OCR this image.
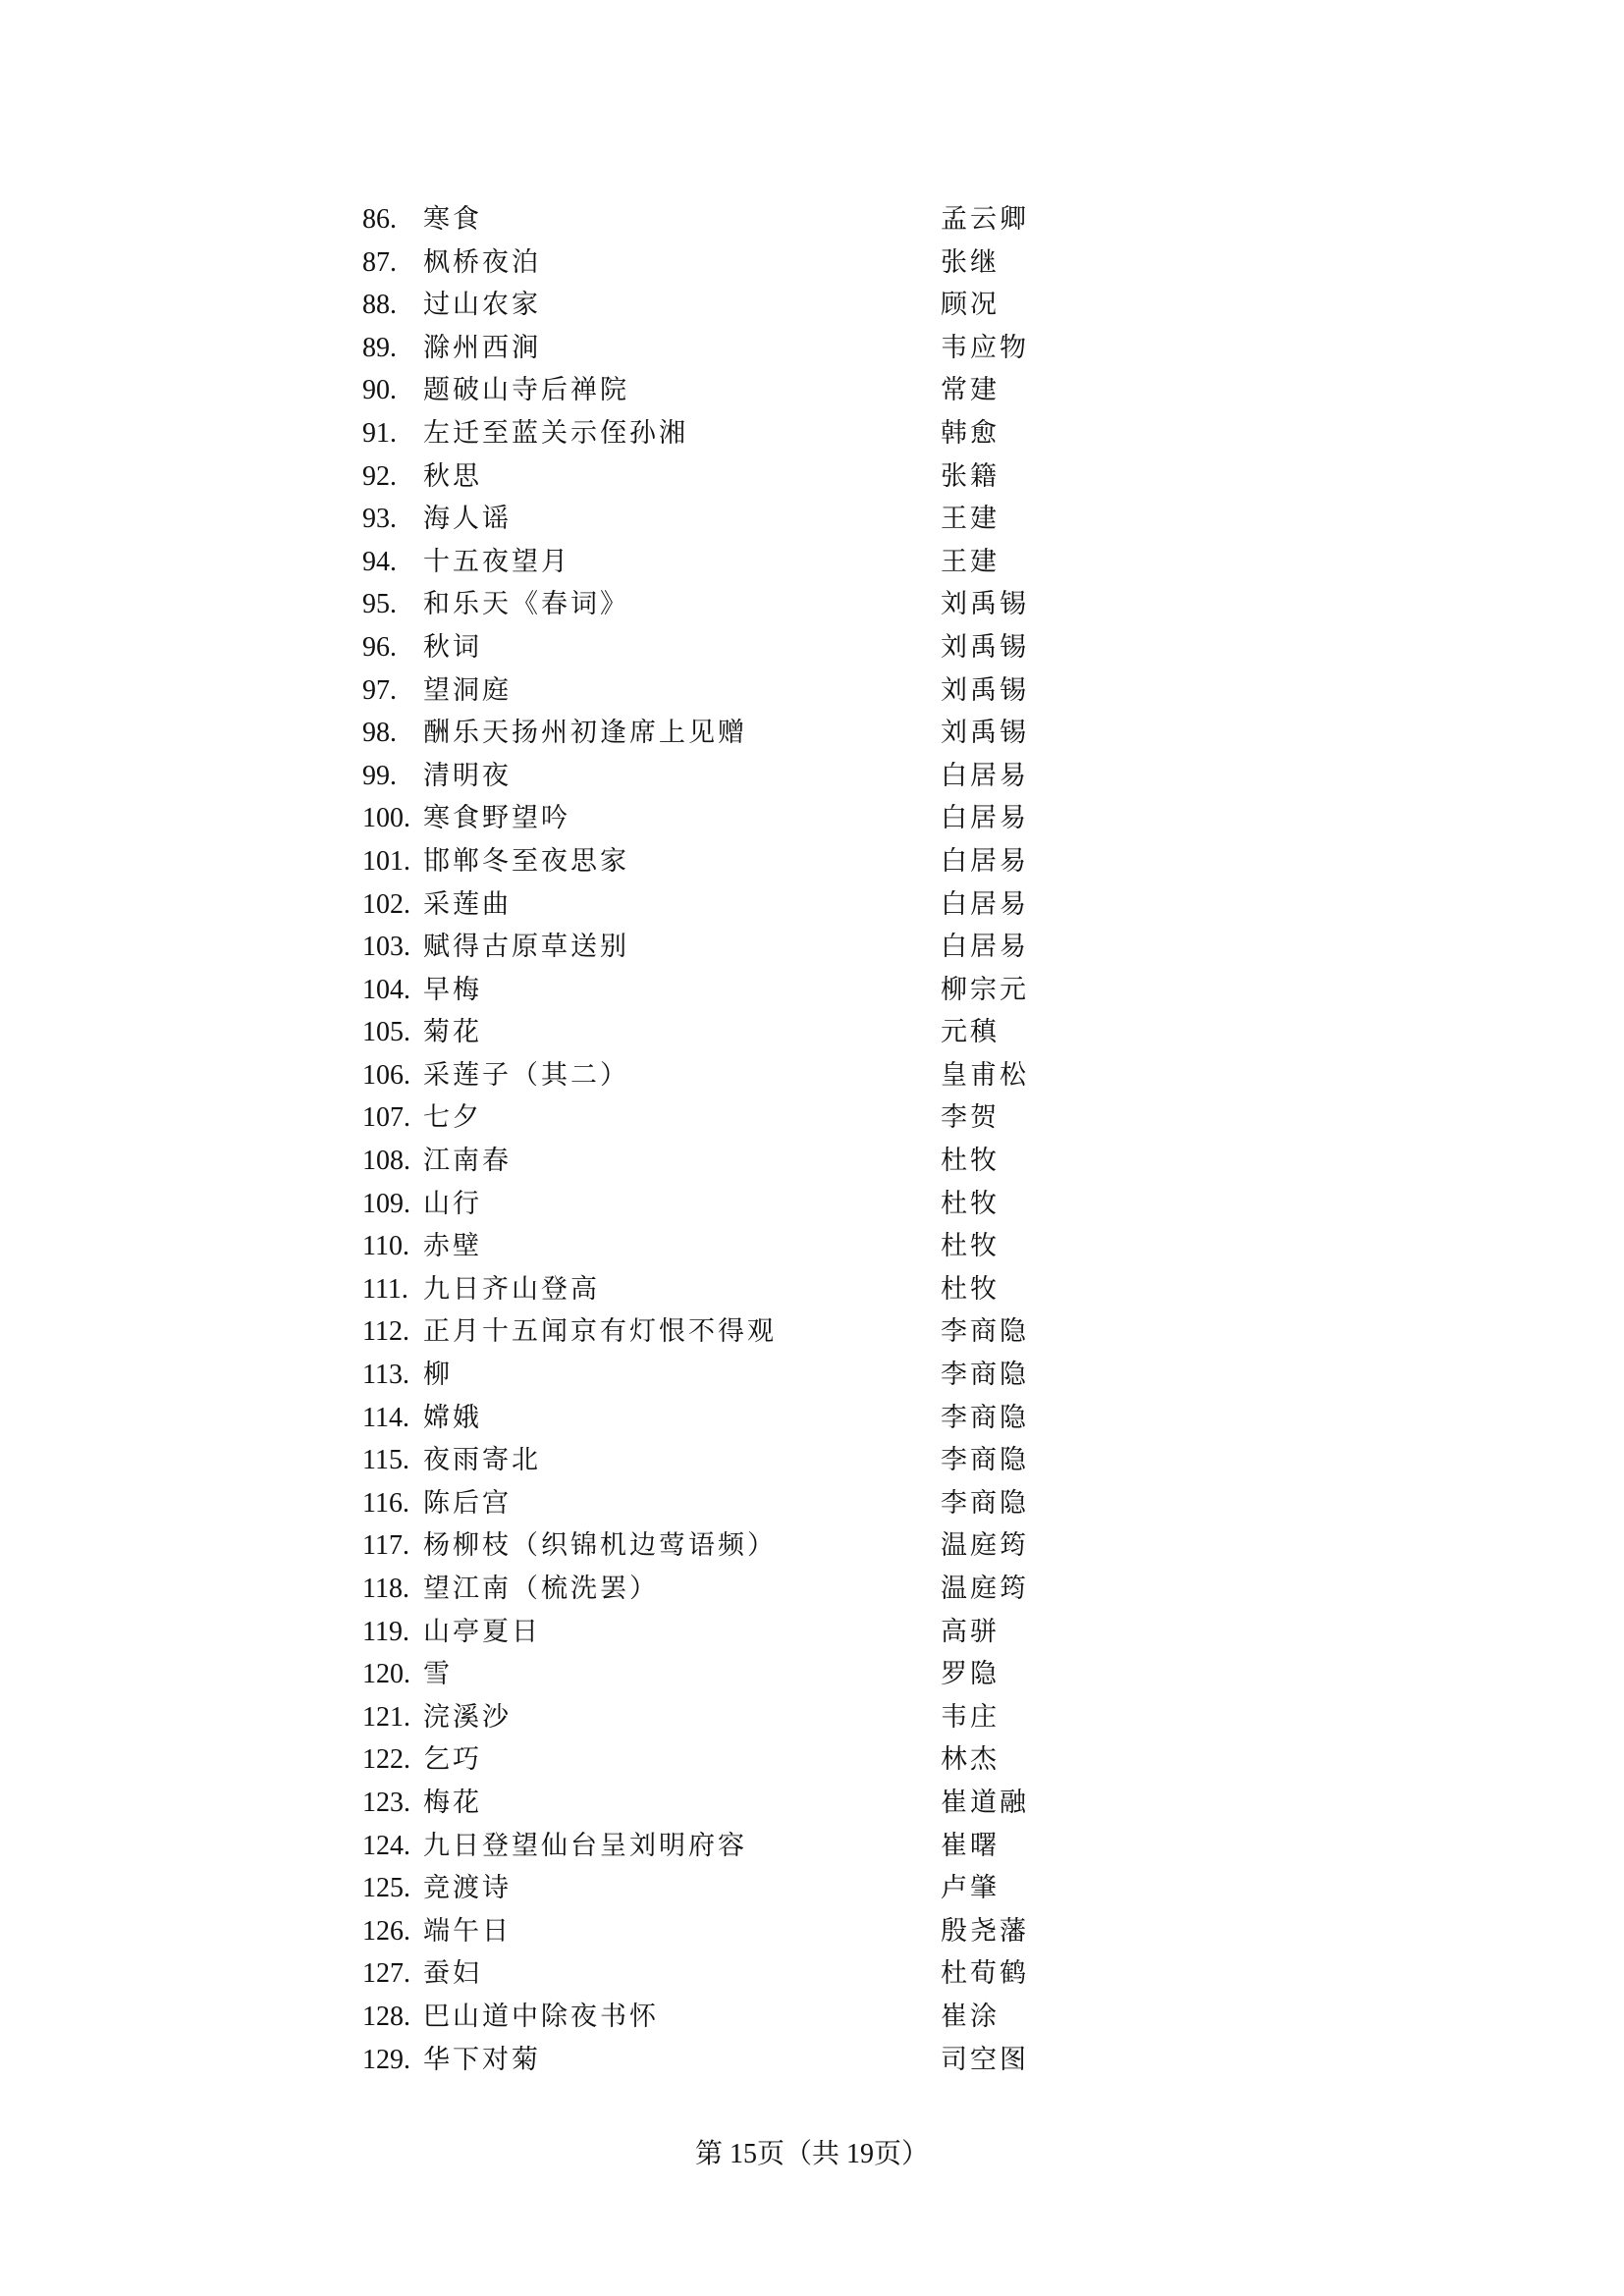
86. 寒食	孟云卿
87. 枫桥夜泊	张继
88. 过山农家	顾况
89. 滁州西涧	韦应物
90. 题破山寺后禅院	常建
91. 左迁至蓝关示侄孙湘	韩愈
92. 秋思	张籍
93. 海人谣	王建
94. 十五夜望月	王建
95. 和乐天《春词》	刘禹锡
96. 秋词	刘禹锡
97. 望洞庭	刘禹锡
98. 酬乐天扬州初逢席上见赠	刘禹锡
99. 清明夜	白居易
100. 寒食野望吟	白居易
101. 邯郸冬至夜思家	白居易
102. 采莲曲	白居易
103. 赋得古原草送别	白居易
104. 早梅	柳宗元
105. 菊花	元稹
106. 采莲子（其二）	皇甫松
107. 七夕	李贺
108. 江南春	杜牧
109. 山行	杜牧
110. 赤壁	杜牧
111. 九日齐山登高	杜牧
112. 正月十五闻京有灯恨不得观	李商隐
113. 柳	李商隐
114. 嫦娥	李商隐
115. 夜雨寄北	李商隐
116. 陈后宫	李商隐
117. 杨柳枝（织锦机边莺语频）	温庭筠
118. 望江南（梳洗罢）	温庭筠
119. 山亭夏日	高骈
120. 雪	罗隐
121. 浣溪沙	韦庄
122. 乞巧	林杰
123. 梅花	崔道融
124. 九日登望仙台呈刘明府容	崔曙
125. 竞渡诗	卢肇
126. 端午日	殷尧藩
127. 蚕妇	杜荀鹤
128. 巴山道中除夜书怀	崔涂
129. 华下对菊	司空图
第 15页（共 19页）
